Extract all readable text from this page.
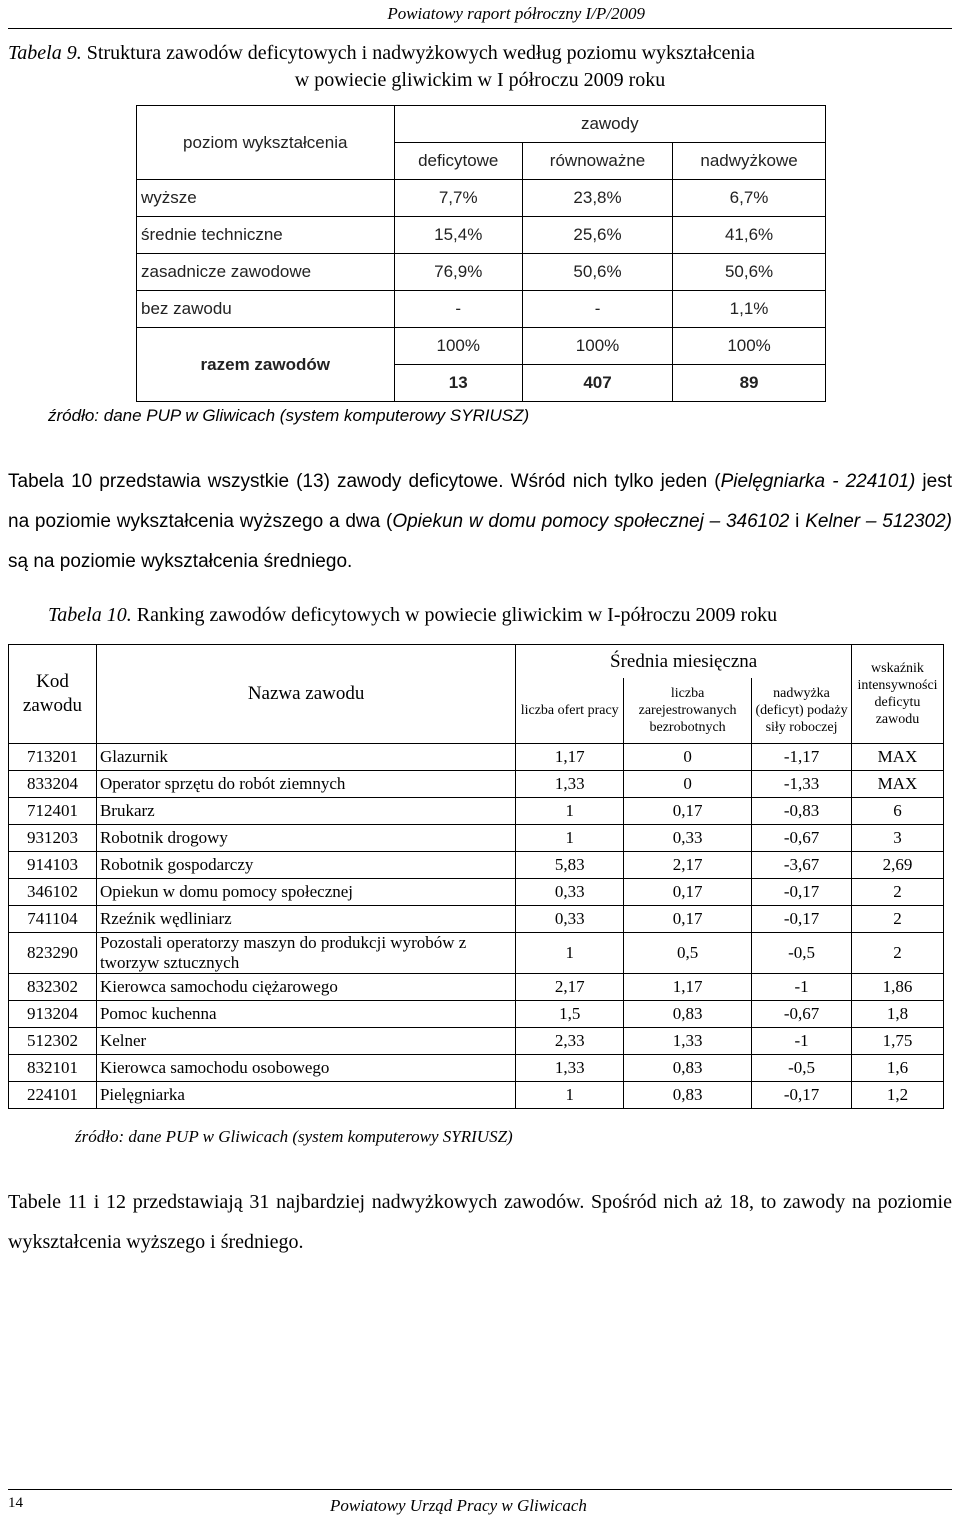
Powiatowy raport półroczny I/P/2009
Tabela 9. Struktura zawodów deficytowych i nadwyżkowych według poziomu wykształcenia
w powiecie gliwickim w I półroczu 2009 roku
poziom wykształcenia	zawody		
	deficytowe	równoważne	nadwyżkowe
wyższe	7,7%	23,8%	6,7%
średnie techniczne	15,4%	25,6%	41,6%
zasadnicze zawodowe	76,9%	50,6%	50,6%
bez zawodu	-	-	1,1%
razem zawodów	100%	100%	100%
	13	407	89
źródło: dane PUP w Gliwicach (system komputerowy SYRIUSZ)
Tabela 10 przedstawia wszystkie (13) zawody deficytowe. Wśród nich tylko jeden (Pielęgniarka - 224101) jest na poziomie wykształcenia wyższego a dwa (Opiekun w domu pomocy społecznej – 346102 i Kelner – 512302) są na poziomie wykształcenia średniego.
Tabela 10. Ranking zawodów deficytowych w powiecie gliwickim w I-półroczu 2009 roku
Kod zawodu	Nazwa zawodu	Średnia miesięczna			wskaźnik intensywności deficytu zawodu
		liczba ofert pracy	liczba zarejestrowanych bezrobotnych	nadwyżka (deficyt) podaży siły roboczej	
713201	Glazurnik	1,17	0	-1,17	MAX
833204	Operator sprzętu do robót ziemnych	1,33	0	-1,33	MAX
712401	Brukarz	1	0,17	-0,83	6
931203	Robotnik drogowy	1	0,33	-0,67	3
914103	Robotnik gospodarczy	5,83	2,17	-3,67	2,69
346102	Opiekun w domu pomocy społecznej	0,33	0,17	-0,17	2
741104	Rzeźnik wędliniarz	0,33	0,17	-0,17	2
823290	Pozostali operatorzy maszyn do produkcji wyrobów z tworzyw sztucznych	1	0,5	-0,5	2
832302	Kierowca samochodu ciężarowego	2,17	1,17	-1	1,86
913204	Pomoc kuchenna	1,5	0,83	-0,67	1,8
512302	Kelner	2,33	1,33	-1	1,75
832101	Kierowca samochodu osobowego	1,33	0,83	-0,5	1,6
224101	Pielęgniarka	1	0,83	-0,17	1,2
źródło: dane PUP w Gliwicach (system komputerowy SYRIUSZ)
Tabele 11 i 12 przedstawiają 31 najbardziej nadwyżkowych zawodów. Spośród nich aż 18, to zawody na poziomie wykształcenia wyższego i średniego.
14	Powiatowy Urząd Pracy w Gliwicach
